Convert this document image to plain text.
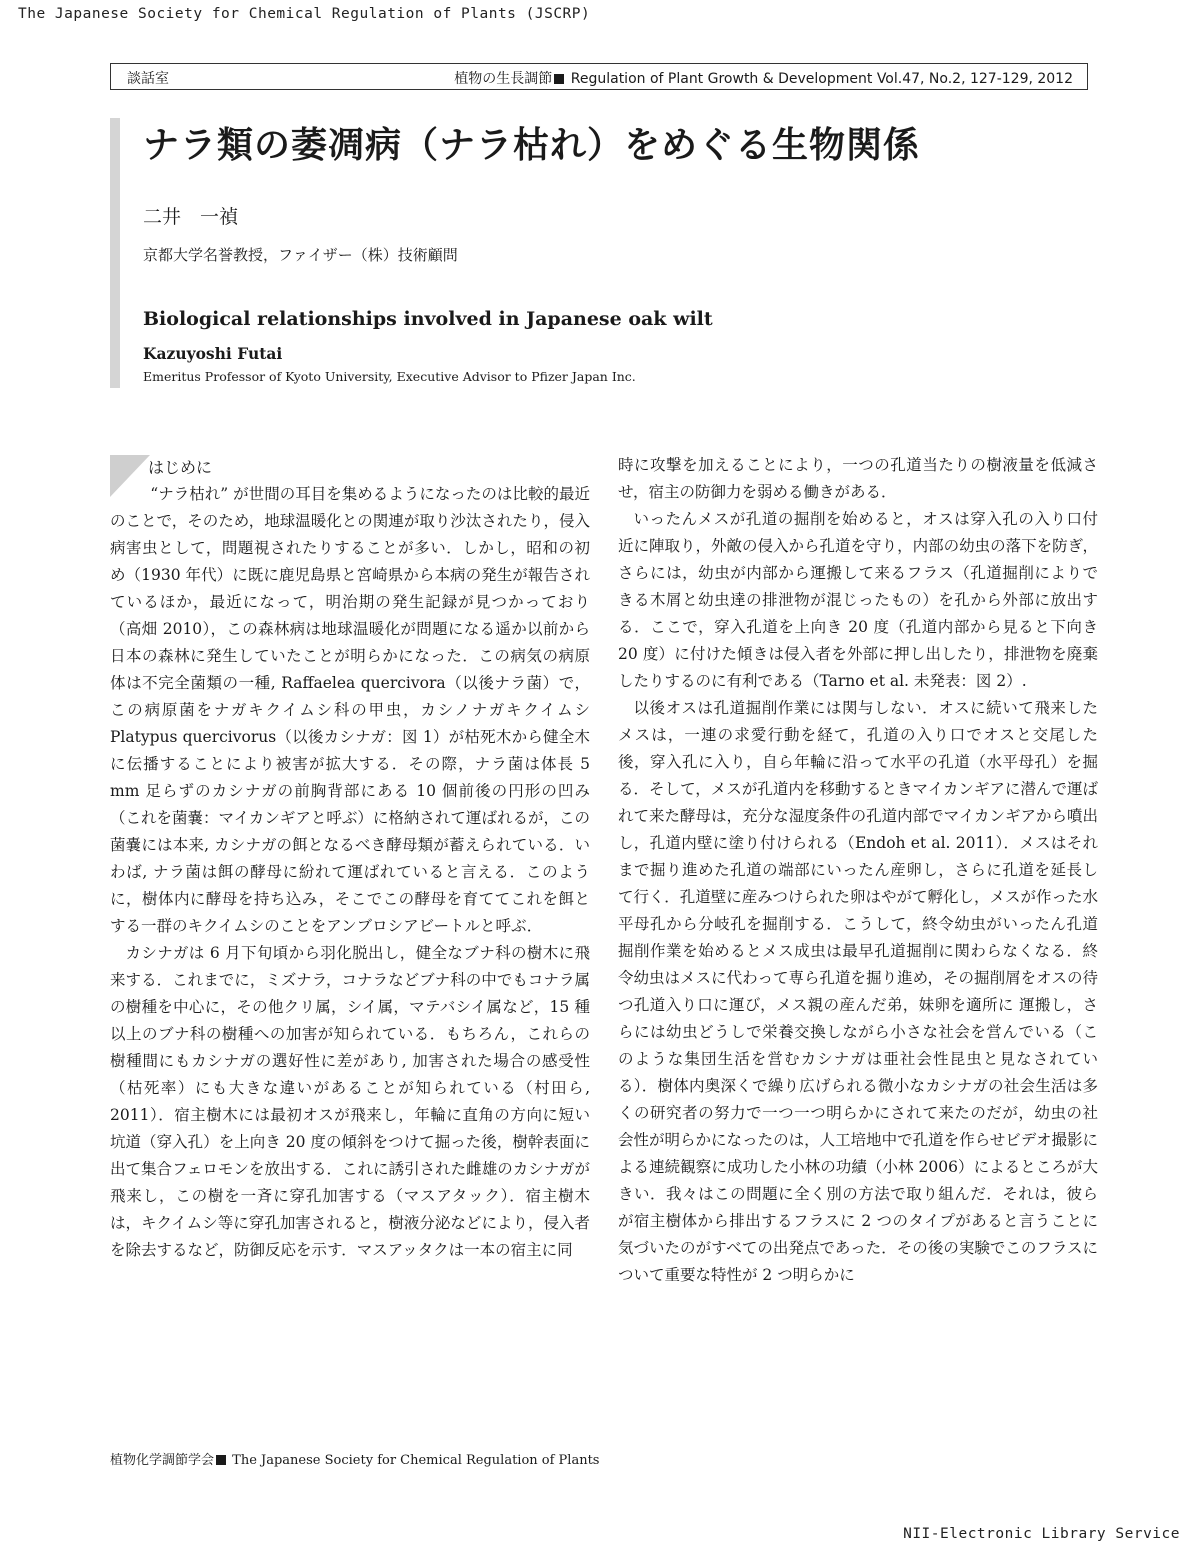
The Japanese Society for Chemical Regulation of Plants (JSCRP)
談話室	植物の生長調節 Regulation of Plant Growth & Development Vol.47, No.2, 127-129, 2012
ナラ類の萎凋病（ナラ枯れ）をめぐる生物関係
二井　一禎
京都大学名誉教授，ファイザー（株）技術顧問
Biological relationships involved in Japanese oak wilt
Kazuyoshi Futai
Emeritus Professor of Kyoto University, Executive Advisor to Pfizer Japan Inc.
はじめに

“ナラ枯れ” が世間の耳目を集めるようになったのは比較的最近のことで，そのため，地球温暖化との関連が取り沙汰されたり，侵入病害虫として，問題視されたりすることが多い．しかし，昭和の初め（1930 年代）に既に鹿児島県と宮崎県から本病の発生が報告されているほか，最近になって，明治期の発生記録が見つかっており（高畑 2010），この森林病は地球温暖化が問題になる遥か以前から日本の森林に発生していたことが明らかになった．この病気の病原体は不完全菌類の一種, Raffaelea quercivora（以後ナラ菌）で，この病原菌をナガキクイムシ科の甲虫，カシノナガキクイムシ Platypus quercivorus（以後カシナガ：図 1）が枯死木から健全木に伝播することにより被害が拡大する．その際，ナラ菌は体長 5 mm 足らずのカシナガの前胸背部にある 10 個前後の円形の凹み（これを菌嚢：マイカンギアと呼ぶ）に格納されて運ばれるが，この菌嚢には本来, カシナガの餌となるべき酵母類が蓄えられている．いわば, ナラ菌は餌の酵母に紛れて運ばれていると言える．このように，樹体内に酵母を持ち込み，そこでこの酵母を育ててこれを餌とする一群のキクイムシのことをアンブロシアビートルと呼ぶ．

カシナガは 6 月下旬頃から羽化脱出し，健全なブナ科の樹木に飛来する．これまでに，ミズナラ，コナラなどブナ科の中でもコナラ属の樹種を中心に，その他クリ属，シイ属，マテバシイ属など，15 種以上のブナ科の樹種への加害が知られている．もちろん，これらの樹種間にもカシナガの選好性に差があり, 加害された場合の感受性（枯死率）にも大きな違いがあることが知られている（村田ら, 2011）．宿主樹木には最初オスが飛来し，年輪に直角の方向に短い坑道（穿入孔）を上向き 20 度の傾斜をつけて掘った後，樹幹表面に出て集合フェロモンを放出する．これに誘引された雌雄のカシナガが飛来し，この樹を一斉に穿孔加害する（マスアタック）．宿主樹木は，キクイムシ等に穿孔加害されると，樹液分泌などにより，侵入者を除去するなど，防御反応を示す．マスアッタクは一本の宿主に同

時に攻撃を加えることにより，一つの孔道当たりの樹液量を低減させ，宿主の防御力を弱める働きがある．

いったんメスが孔道の掘削を始めると，オスは穿入孔の入り口付近に陣取り，外敵の侵入から孔道を守り，内部の幼虫の落下を防ぎ，さらには，幼虫が内部から運搬して来るフラス（孔道掘削によりできる木屑と幼虫達の排泄物が混じったもの）を孔から外部に放出する．ここで，穿入孔道を上向き 20 度（孔道内部から見ると下向き 20 度）に付けた傾きは侵入者を外部に押し出したり，排泄物を廃棄したりするのに有利である（Tarno et al. 未発表：図 2）.

以後オスは孔道掘削作業には関与しない．オスに続いて飛来したメスは，一連の求愛行動を経て，孔道の入り口でオスと交尾した後，穿入孔に入り，自ら年輪に沿って水平の孔道（水平母孔）を掘る．そして，メスが孔道内を移動するときマイカンギアに潜んで運ばれて来た酵母は，充分な湿度条件の孔道内部でマイカンギアから噴出し，孔道内壁に塗り付けられる（Endoh et al. 2011）．メスはそれまで掘り進めた孔道の端部にいったん産卵し，さらに孔道を延長して行く．孔道壁に産みつけられた卵はやがて孵化し，メスが作った水平母孔から分岐孔を掘削する．こうして，終令幼虫がいったん孔道掘削作業を始めるとメス成虫は最早孔道掘削に関わらなくなる．終令幼虫はメスに代わって専ら孔道を掘り進め，その掘削屑をオスの待つ孔道入り口に運び，メス親の産んだ弟，妹卵を適所に 運搬し，さらには幼虫どうしで栄養交換しながら小さな社会を営んでいる（このような集団生活を営むカシナガは亜社会性昆虫と見なされている）．樹体内奥深くで繰り広げられる微小なカシナガの社会生活は多くの研究者の努力で一つ一つ明らかにされて来たのだが，幼虫の社会性が明らかになったのは，人工培地中で孔道を作らせビデオ撮影による連続観察に成功した小林の功績（小林 2006）によるところが大きい．我々はこの問題に全く別の方法で取り組んだ．それは，彼らが宿主樹体から排出するフラスに 2 つのタイプがあると言うことに気づいたのがすべての出発点であった．その後の実験でこのフラスについて重要な特性が 2 つ明らかに

植物化学調節学会 The Japanese Society for Chemical Regulation of Plants
NII-Electronic Library Service
